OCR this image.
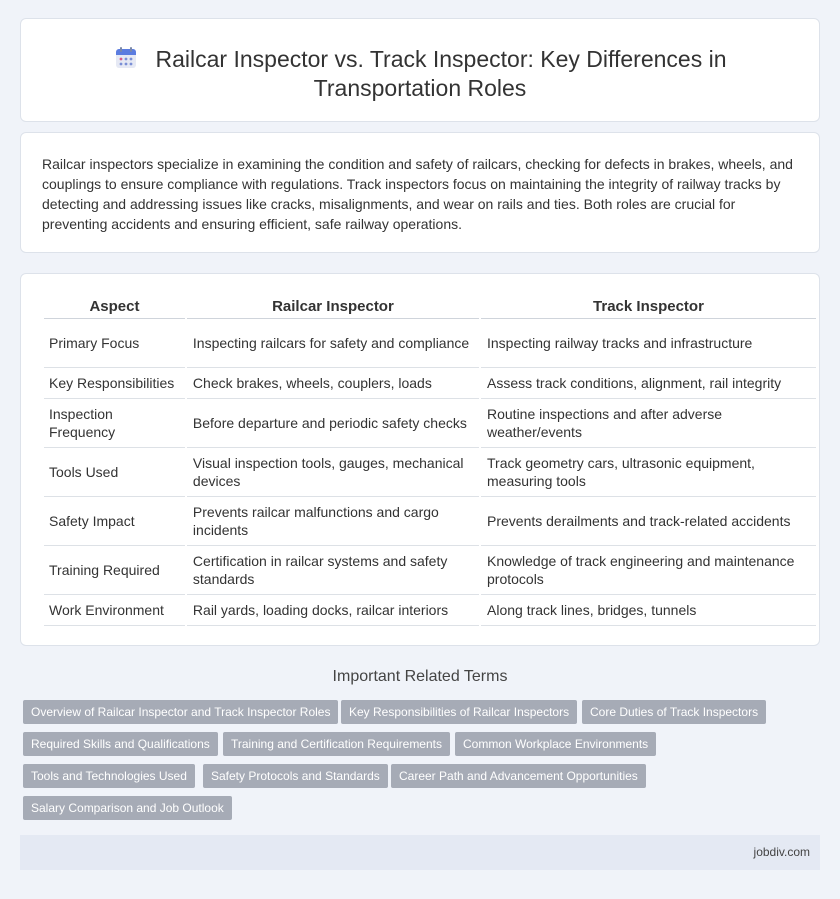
Railcar Inspector vs. Track Inspector: Key Differences in
Transportation Roles

Railcar inspectors specialize in examining the condition and safety of railcars, checking for defects in brakes, wheels, and couplings to ensure compliance with regulations. Track inspectors focus on maintaining the integrity of railway tracks by detecting and addressing issues like cracks, misalignments, and wear on rails and ties. Both roles are crucial for preventing accidents and ensuring efficient, safe railway operations.

Aspect	Railcar Inspector	Track Inspector
Primary Focus	Inspecting railcars for safety and compliance	Inspecting railway tracks and infrastructure
Key Responsibilities	Check brakes, wheels, couplers, loads	Assess track conditions, alignment, rail integrity
Inspection Frequency	Before departure and periodic safety checks	Routine inspections and after adverse weather/events
Tools Used	Visual inspection tools, gauges, mechanical devices	Track geometry cars, ultrasonic equipment, measuring tools
Safety Impact	Prevents railcar malfunctions and cargo incidents	Prevents derailments and track-related accidents
Training Required	Certification in railcar systems and safety standards	Knowledge of track engineering and maintenance protocols
Work Environment	Rail yards, loading docks, railcar interiors	Along track lines, bridges, tunnels
Important Related Terms
Overview of Railcar Inspector and Track Inspector Roles	Key Responsibilities of Railcar Inspectors	Core Duties of Track Inspectors
Required Skills and Qualifications	Training and Certification Requirements	Common Workplace Environments
Tools and Technologies Used	Safety Protocols and Standards	Career Path and Advancement Opportunities
Salary Comparison and Job Outlook
jobdiv.com
